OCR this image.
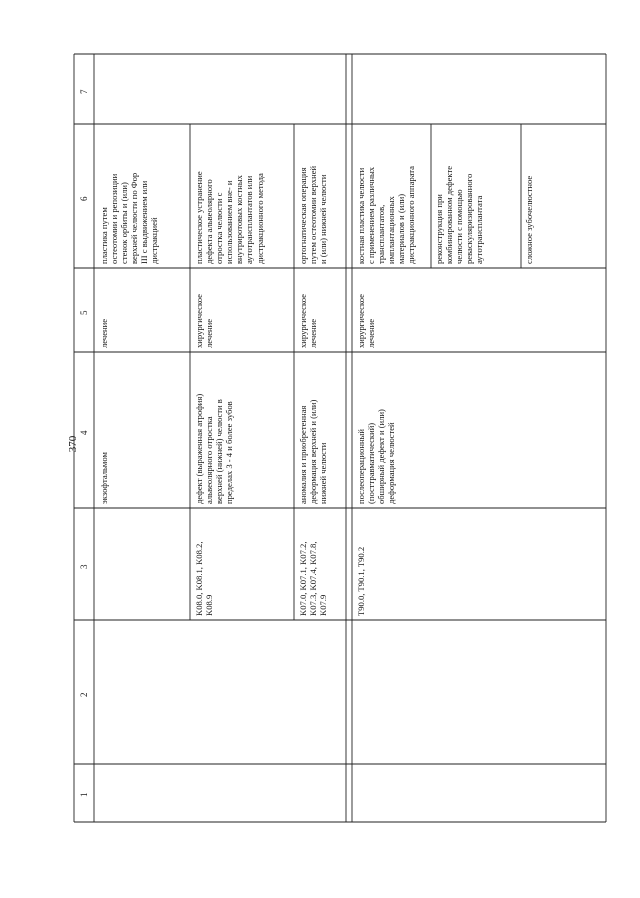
370
1
2
3
4
5
6
7
экзофтальмом
лечение
пластика путем
остеотомии и репозиции
стенок орбиты и (или)
верхней челюсти по Фор
III с выдвижением или
дистракцией
K08.0, K08.1, K08.2,
K08.9
дефект (выраженная атрофия)
альвеолярного отростка
верхней (нижней) челюсти в
пределах 3 - 4 и более зубов
хирургическое
лечение
пластическое устранение
дефекта альвеолярного
отростка челюсти с
использованием вне- и
внутриротовых костных
аутотрансплантатов или
дистракционного метода
K07.0, K07.1, K07.2,
K07.3, K07.4, K07.8,
K07.9
аномалия и приобретенная
деформация верхней и (или)
нижней челюсти
хирургическое
лечение
ортогнатическая операция
путем остеотомии верхней
и (или) нижней челюсти
T90.0, T90.1, T90.2
послеоперационный
(посттравматический)
обширный дефект и (или)
деформация челюстей
хирургическое
лечение
костная пластика челюсти
с применением различных
трансплантатов,
имплантационных
материалов и (или)
дистракционного аппарата
реконструкция при
комбинированном дефекте
челюсти с помощью
реваскуляризированного
аутотрансплантата	сложное зубочелюстное
